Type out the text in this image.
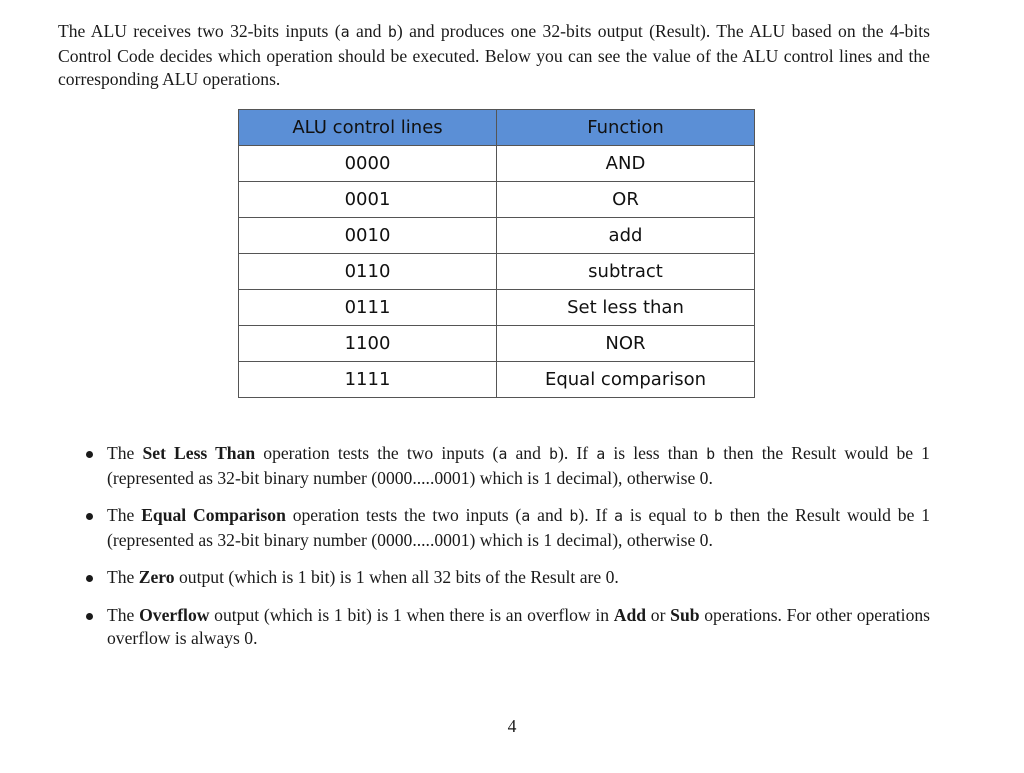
The ALU receives two 32-bits inputs (a and b) and produces one 32-bits output (Result). The ALU based on the 4-bits Control Code decides which operation should be executed. Below you can see the value of the ALU control lines and the corresponding ALU operations.

ALU control lines	Function
0000	AND
0001	OR
0010	add
0110	subtract
0111	Set less than
1100	NOR
1111	Equal comparison
The Set Less Than operation tests the two inputs (a and b). If a is less than b then the Result would be 1 (represented as 32-bit binary number (0000.....0001) which is 1 decimal), otherwise 0.
The Equal Comparison operation tests the two inputs (a and b). If a is equal to b then the Result would be 1 (represented as 32-bit binary number (0000.....0001) which is 1 decimal), otherwise 0.
The Zero output (which is 1 bit) is 1 when all 32 bits of the Result are 0.
The Overflow output (which is 1 bit) is 1 when there is an overflow in Add or Sub operations. For other operations overflow is always 0.
4
